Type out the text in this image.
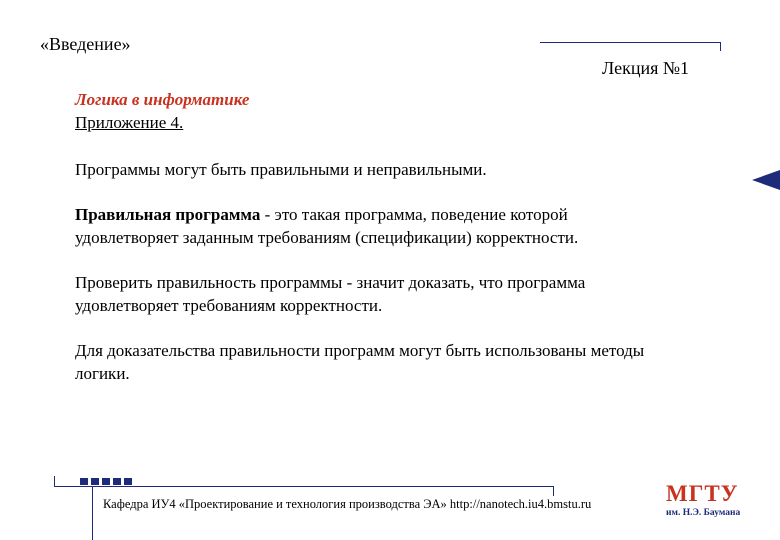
«Введение»
Лекция №1
Логика в информатике
Приложение 4.

Программы могут быть правильными и неправильными.

Правильная программа - это такая программа, поведение которой удовлетворяет заданным требованиям (спецификации) корректности.

Проверить правильность программы - значит доказать, что программа удовлетворяет требованиям корректности.

Для доказательства правильности программ могут быть использованы методы логики.

Кафедра ИУ4 «Проектирование и технология производства ЭА» http://nanotech.iu4.bmstu.ru	МГТУ
им. Н.Э. Баумана
